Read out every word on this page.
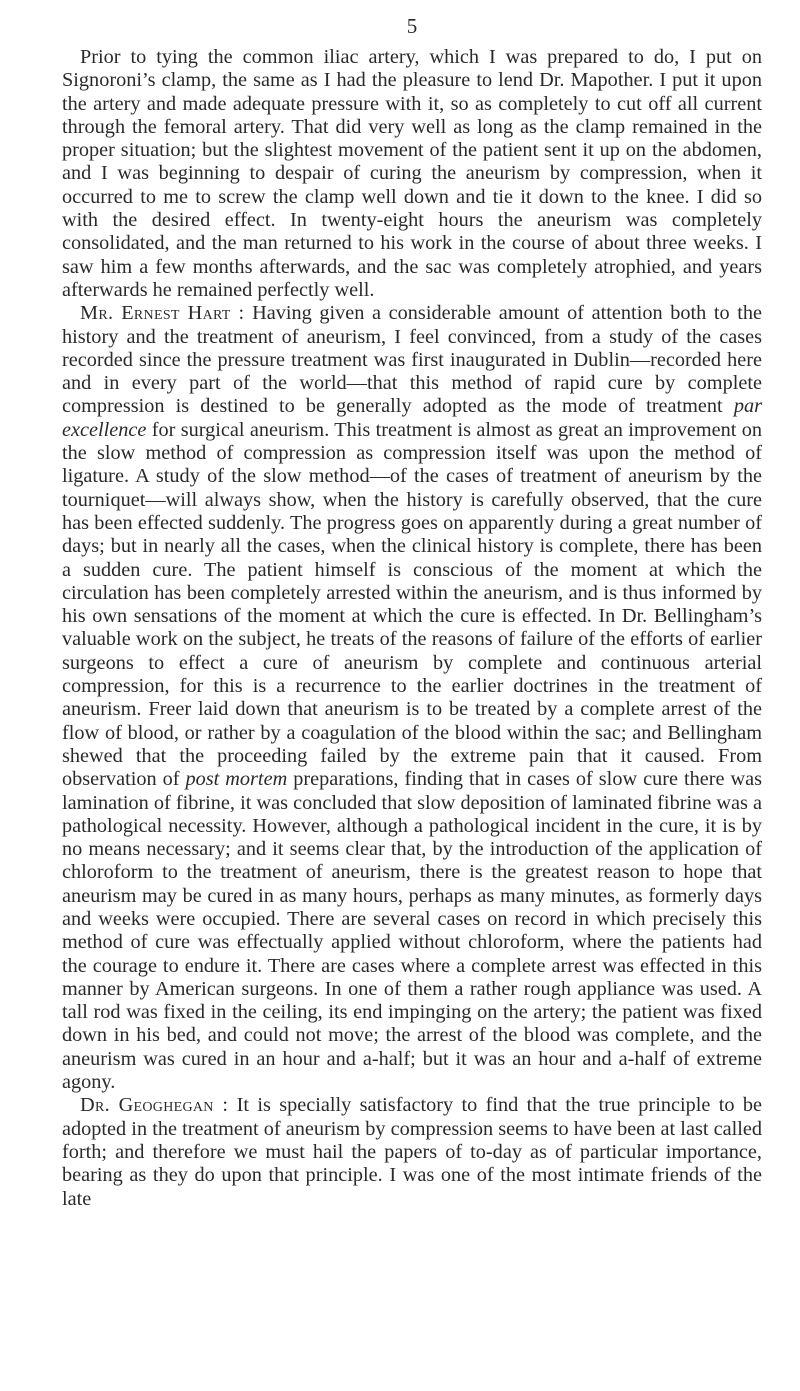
5

Prior to tying the common iliac artery, which I was prepared to do, I put on Signoroni’s clamp, the same as I had the pleasure to lend Dr. Mapother. I put it upon the artery and made adequate pressure with it, so as completely to cut off all current through the femoral artery. That did very well as long as the clamp remained in the proper situation; but the slightest movement of the patient sent it up on the abdomen, and I was beginning to despair of curing the aneurism by compression, when it occurred to me to screw the clamp well down and tie it down to the knee. I did so with the desired effect. In twenty-eight hours the aneurism was completely consolidated, and the man returned to his work in the course of about three weeks. I saw him a few months afterwards, and the sac was completely atrophied, and years afterwards he remained perfectly well.

Mr. Ernest Hart : Having given a considerable amount of attention both to the history and the treatment of aneurism, I feel convinced, from a study of the cases recorded since the pressure treatment was first inaugurated in Dublin—recorded here and in every part of the world—that this method of rapid cure by complete compression is destined to be generally adopted as the mode of treatment par excellence for surgical aneurism. This treatment is almost as great an improvement on the slow method of compression as compression itself was upon the method of ligature. A study of the slow method—of the cases of treatment of aneurism by the tourniquet—will always show, when the history is carefully observed, that the cure has been effected suddenly. The progress goes on apparently during a great number of days; but in nearly all the cases, when the clinical history is complete, there has been a sudden cure. The patient himself is conscious of the moment at which the circulation has been completely arrested within the aneurism, and is thus informed by his own sensations of the moment at which the cure is effected. In Dr. Bellingham’s valuable work on the subject, he treats of the reasons of failure of the efforts of earlier surgeons to effect a cure of aneurism by complete and continuous arterial compression, for this is a recurrence to the earlier doctrines in the treatment of aneurism. Freer laid down that aneurism is to be treated by a complete arrest of the flow of blood, or rather by a coagulation of the blood within the sac; and Bellingham shewed that the proceeding failed by the extreme pain that it caused. From observation of post mortem preparations, finding that in cases of slow cure there was lamination of fibrine, it was concluded that slow deposition of laminated fibrine was a pathological necessity. However, although a pathological incident in the cure, it is by no means necessary; and it seems clear that, by the introduction of the application of chloroform to the treatment of aneurism, there is the greatest reason to hope that aneurism may be cured in as many hours, perhaps as many minutes, as formerly days and weeks were occupied. There are several cases on record in which precisely this method of cure was effectually applied without chloroform, where the patients had the courage to endure it. There are cases where a complete arrest was effected in this manner by American surgeons. In one of them a rather rough appliance was used. A tall rod was fixed in the ceiling, its end impinging on the artery; the patient was fixed down in his bed, and could not move; the arrest of the blood was complete, and the aneurism was cured in an hour and a-half; but it was an hour and a-half of extreme agony.

Dr. Geoghegan : It is specially satisfactory to find that the true principle to be adopted in the treatment of aneurism by compression seems to have been at last called forth; and therefore we must hail the papers of to-day as of particular importance, bearing as they do upon that principle. I was one of the most intimate friends of the late
